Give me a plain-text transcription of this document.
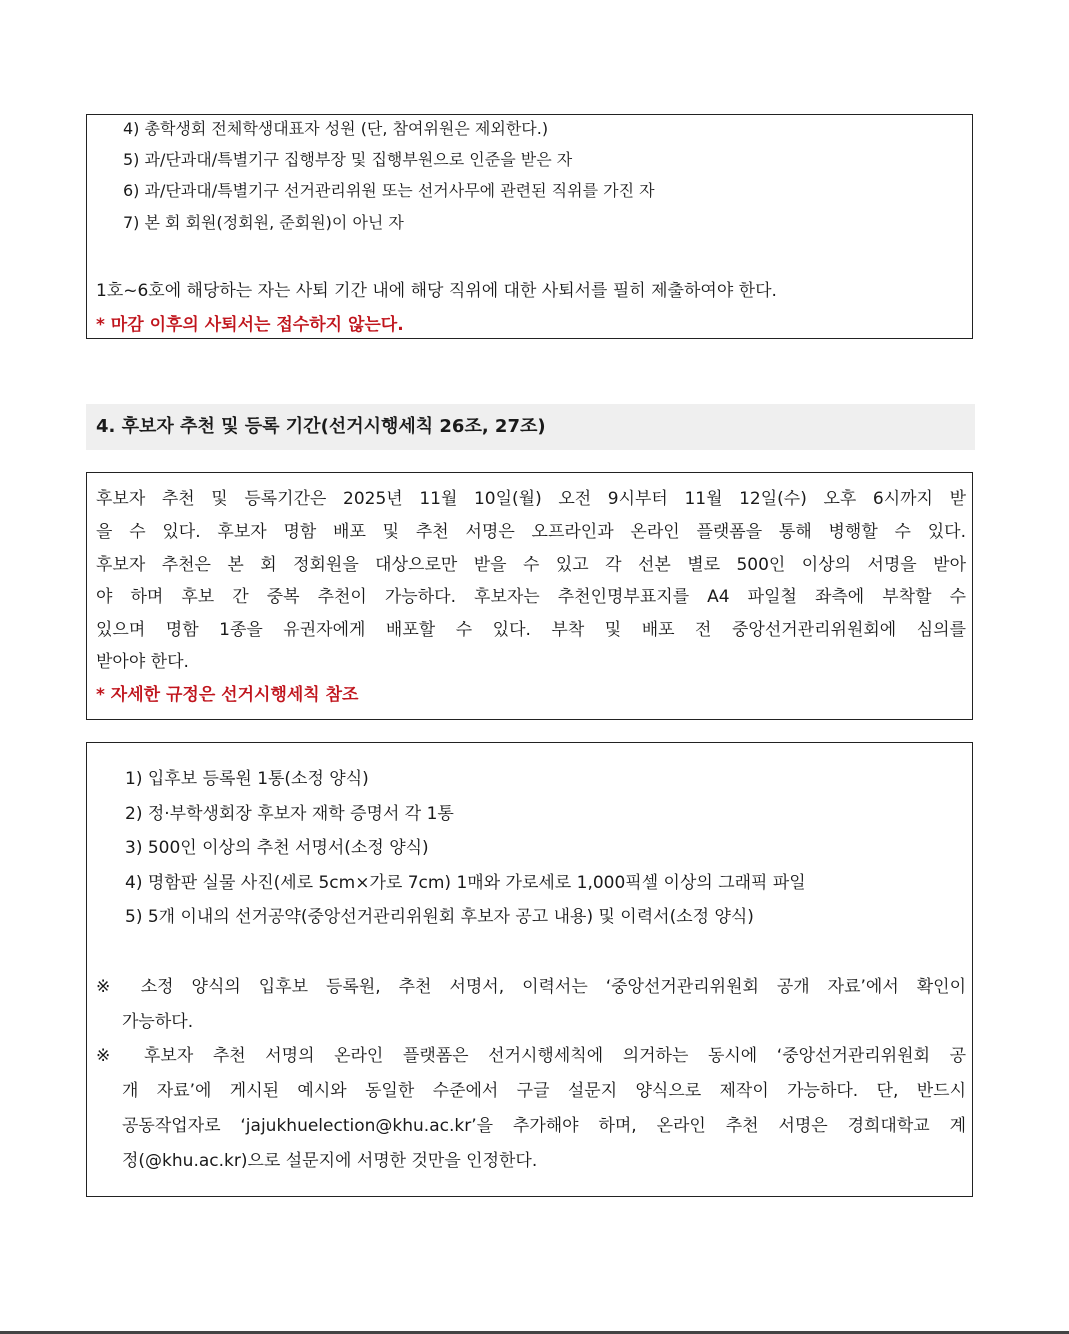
4) 총학생회 전체학생대표자 성원 (단, 참여위원은 제외한다.)
5) 과/단과대/특별기구 집행부장 및 집행부원으로 인준을 받은 자
6) 과/단과대/특별기구 선거관리위원 또는 선거사무에 관련된 직위를 가진 자
7) 본 회 회원(정회원, 준회원)이 아닌 자
1호~6호에 해당하는 자는 사퇴 기간 내에 해당 직위에 대한 사퇴서를 필히 제출하여야 한다.
* 마감 이후의 사퇴서는 접수하지 않는다.
4. 후보자 추천 및 등록 기간(선거시행세칙 26조, 27조)
후보자 추천 및 등록기간은 2025년 11월 10일(월) 오전 9시부터 11월 12일(수) 오후 6시까지 받
을 수 있다. 후보자 명함 배포 및 추천 서명은 오프라인과 온라인 플랫폼을 통해 병행할 수 있다.
후보자 추천은 본 회 정회원을 대상으로만 받을 수 있고 각 선본 별로 500인 이상의 서명을 받아
야 하며 후보 간 중복 추천이 가능하다. 후보자는 추천인명부표지를 A4 파일철 좌측에 부착할 수
있으며 명함 1종을 유권자에게 배포할 수 있다. 부착 및 배포 전 중앙선거관리위원회에 심의를
받아야 한다.
* 자세한 규정은 선거시행세칙 참조
1) 입후보 등록원 1통(소정 양식)
2) 정·부학생회장 후보자 재학 증명서 각 1통
3) 500인 이상의 추천 서명서(소정 양식)
4) 명함판 실물 사진(세로 5cm×가로 7cm) 1매와 가로세로 1,000픽셀 이상의 그래픽 파일
5) 5개 이내의 선거공약(중앙선거관리위원회 후보자 공고 내용) 및 이력서(소정 양식)
※ 소정 양식의 입후보 등록원, 추천 서명서, 이력서는 ‘중앙선거관리위원회 공개 자료’에서 확인이
가능하다.
※ 후보자 추천 서명의 온라인 플랫폼은 선거시행세칙에 의거하는 동시에 ‘중앙선거관리위원회 공
개 자료’에 게시된 예시와 동일한 수준에서 구글 설문지 양식으로 제작이 가능하다. 단, 반드시
공동작업자로 ‘jajukhuelection@khu.ac.kr’을 추가해야 하며, 온라인 추천 서명은 경희대학교 계
정(@khu.ac.kr)으로 설문지에 서명한 것만을 인정한다.
